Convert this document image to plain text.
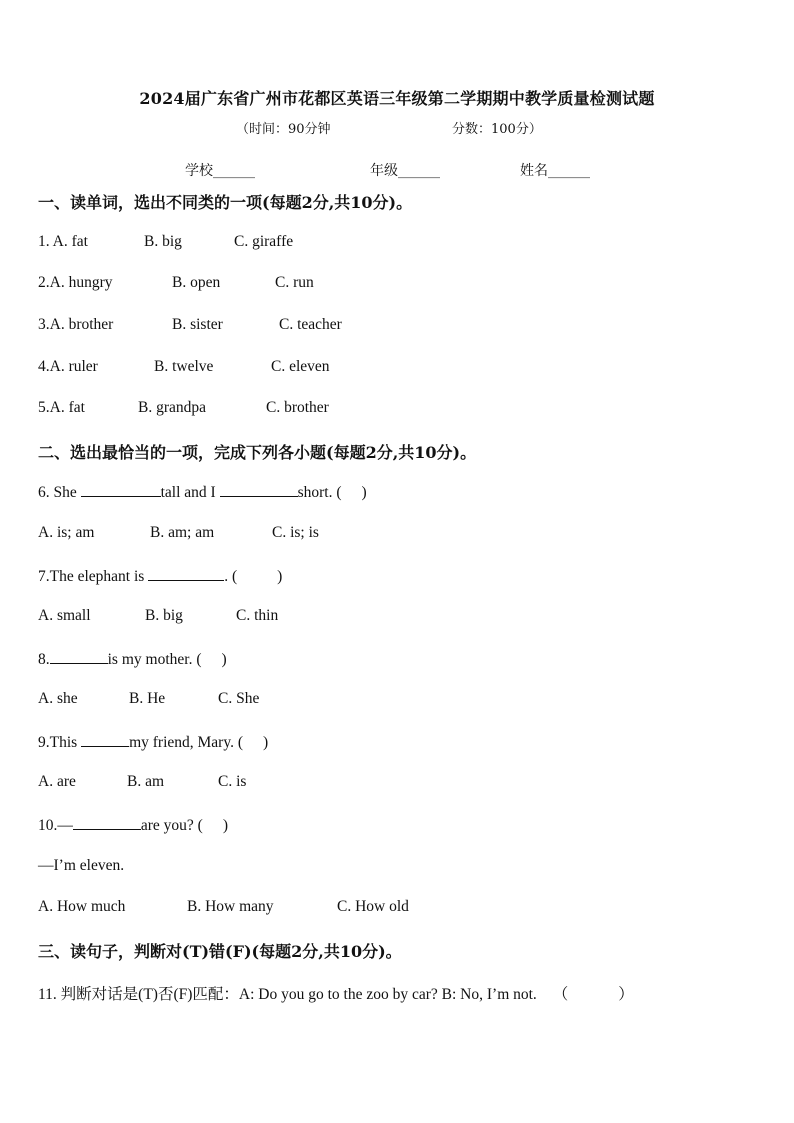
2024届广东省广州市花都区英语三年级第二学期期中教学质量检测试题
（时间：90分钟	分数：100分）
学校______	年级______	姓名______
一、读单词，选出不同类的一项(每题2分,共10分)。
1. A. fat	B. big	C. giraffe
2.A. hungry	B. open	C. run
3.A. brother	B. sister	C. teacher
4.A. ruler	B. twelve	C. eleven
5.A. fat	B. grandpa	C. brother
二、选出最恰当的一项，完成下列各小题(每题2分,共10分)。
6. She	tall and I	short. ( )
A. is; am	B. am; am	C. is; is
7.The elephant is	. (	)
A. small	B. big	C. thin
8.	is my mother. ( )
A. she	B. He	C. She
9.This	my friend, Mary. ( )
A. are	B. am	C. is
10.—	are you? ( )
—I’m eleven.
A. How much	B. How many	C. How old
三、读句子，判断对(T)错(F)(每题2分,共10分)。
11. 判断对话是(T)否(F)匹配：A: Do you go to the zoo by car? B: No, I’m not. （	）
